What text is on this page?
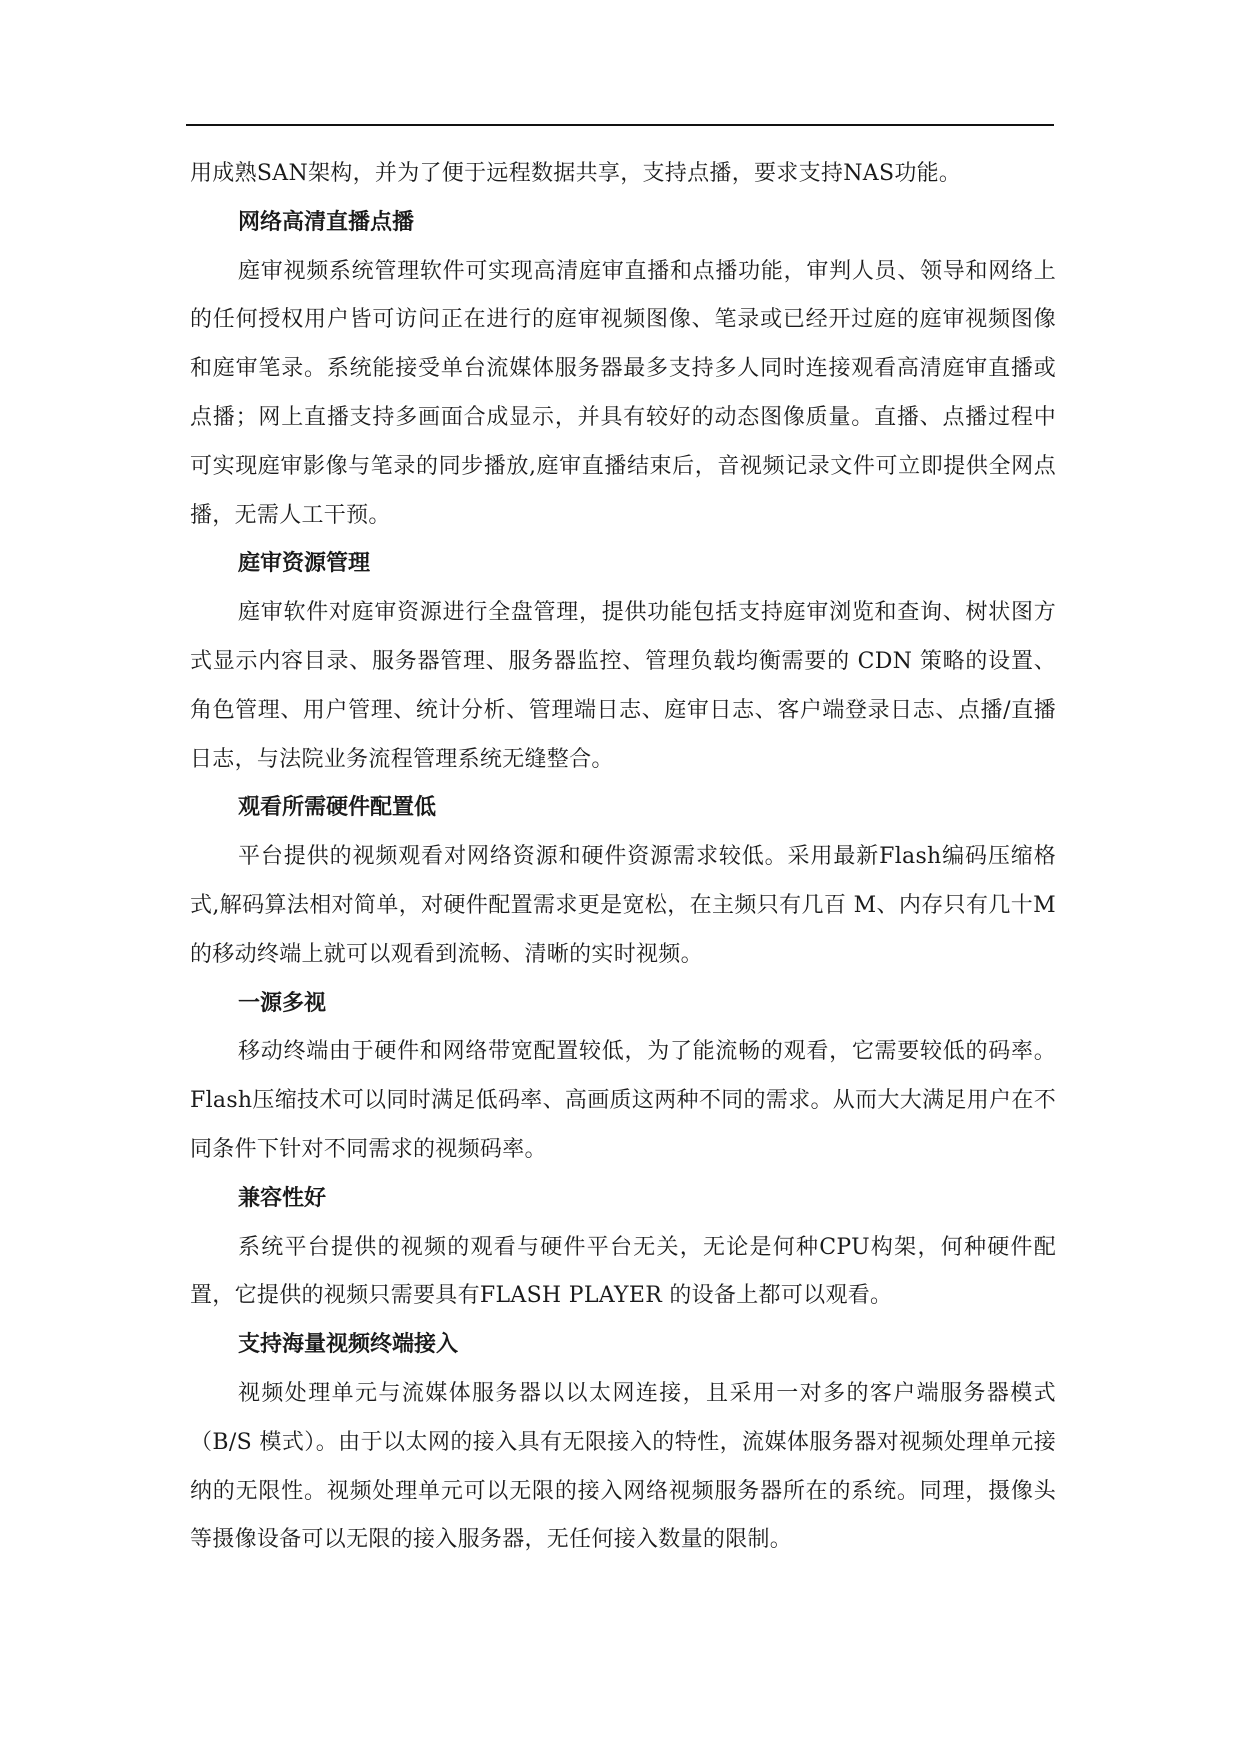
用成熟SAN架构，并为了便于远程数据共享，支持点播，要求支持NAS功能。

网络高清直播点播

庭审视频系统管理软件可实现高清庭审直播和点播功能，审判人员、领导和网络上的任何授权用户皆可访问正在进行的庭审视频图像、笔录或已经开过庭的庭审视频图像和庭审笔录。系统能接受单台流媒体服务器最多支持多人同时连接观看高清庭审直播或点播；网上直播支持多画面合成显示，并具有较好的动态图像质量。直播、点播过程中可实现庭审影像与笔录的同步播放,庭审直播结束后，音视频记录文件可立即提供全网点播，无需人工干预。

庭审资源管理

庭审软件对庭审资源进行全盘管理，提供功能包括支持庭审浏览和查询、树状图方式显示内容目录、服务器管理、服务器监控、管理负载均衡需要的 CDN 策略的设置、角色管理、用户管理、统计分析、管理端日志、庭审日志、客户端登录日志、点播/直播日志，与法院业务流程管理系统无缝整合。

观看所需硬件配置低

平台提供的视频观看对网络资源和硬件资源需求较低。采用最新Flash编码压缩格式,解码算法相对简单，对硬件配置需求更是宽松，在主频只有几百 M、内存只有几十M的移动终端上就可以观看到流畅、清晰的实时视频。

一源多视

移动终端由于硬件和网络带宽配置较低，为了能流畅的观看，它需要较低的码率。Flash压缩技术可以同时满足低码率、高画质这两种不同的需求。从而大大满足用户在不同条件下针对不同需求的视频码率。

兼容性好

系统平台提供的视频的观看与硬件平台无关，无论是何种CPU构架，何种硬件配置，它提供的视频只需要具有FLASH PLAYER 的设备上都可以观看。

支持海量视频终端接入

视频处理单元与流媒体服务器以以太网连接，且采用一对多的客户端服务器模式（B/S 模式）。由于以太网的接入具有无限接入的特性，流媒体服务器对视频处理单元接纳的无限性。视频处理单元可以无限的接入网络视频服务器所在的系统。同理，摄像头等摄像设备可以无限的接入服务器，无任何接入数量的限制。
